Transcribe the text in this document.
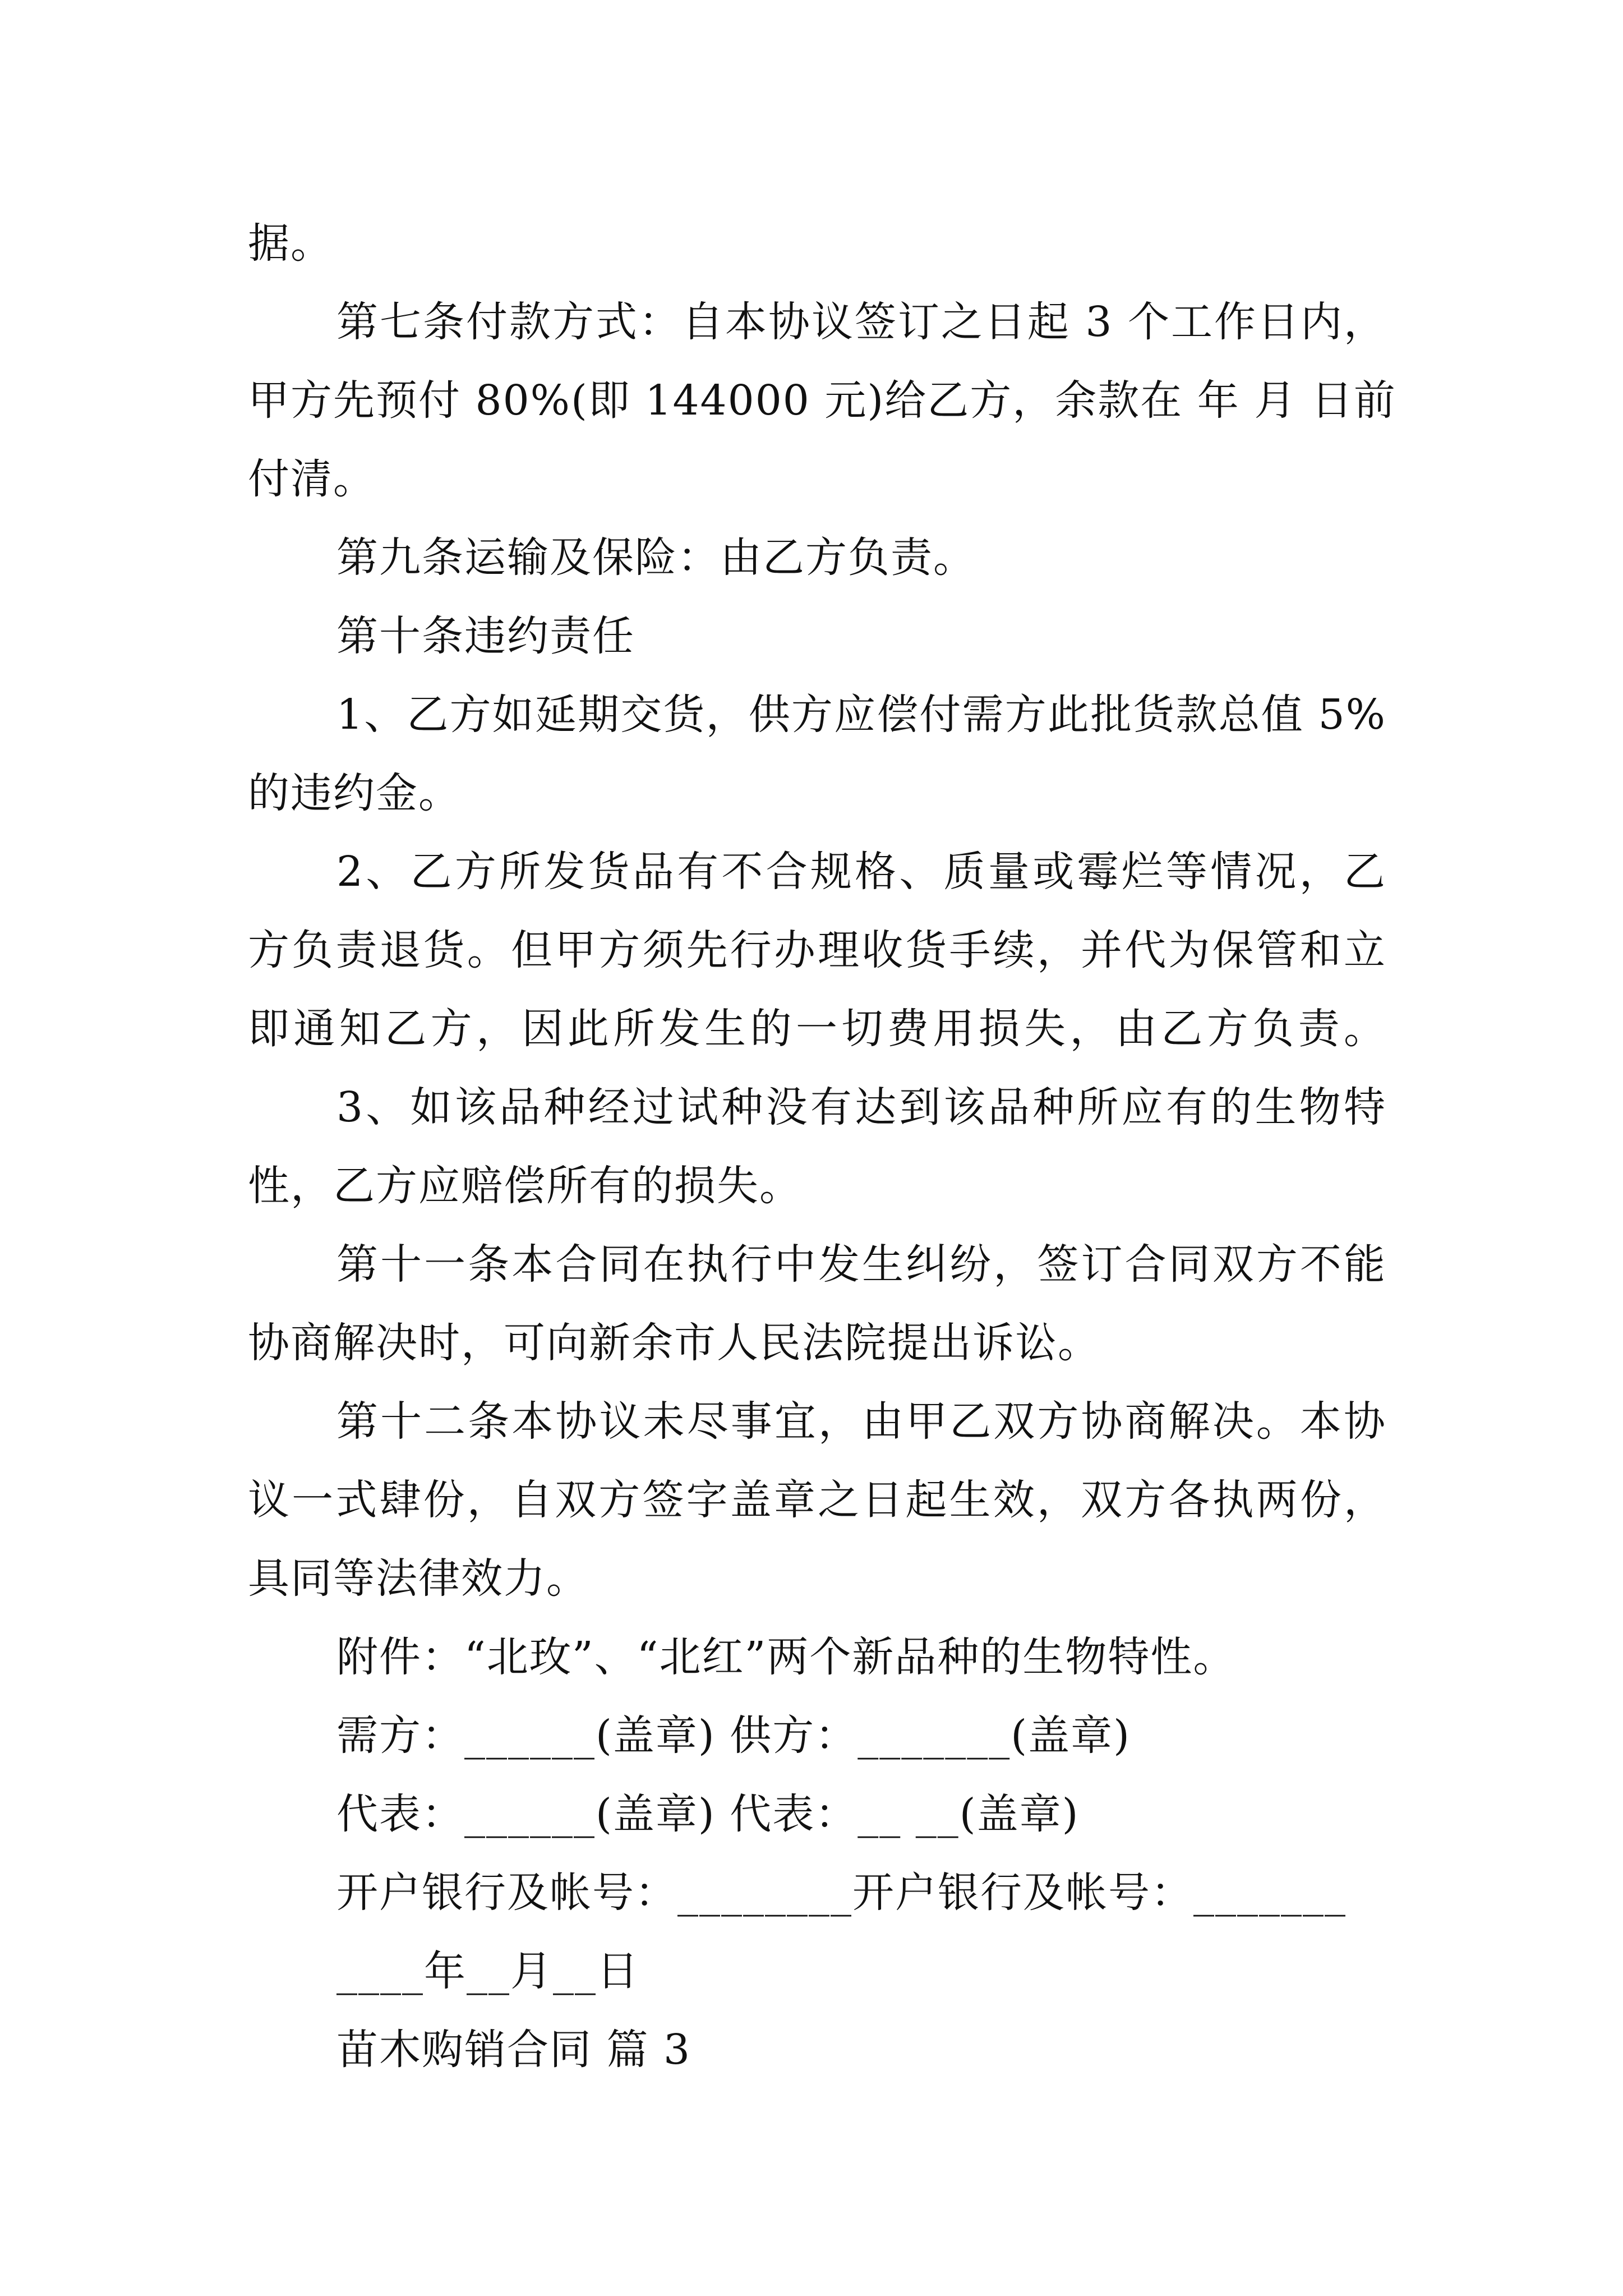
据。
第七条付款方式：自本协议签订之日起 3 个工作日内，
甲方先预付 80%(即 144000 元)给乙方，余款在 年 月 日前
付清。
第九条运输及保险：由乙方负责。
第十条违约责任
1、乙方如延期交货，供方应偿付需方此批货款总值 5%
的违约金。
2、乙方所发货品有不合规格、质量或霉烂等情况，乙
方负责退货。但甲方须先行办理收货手续，并代为保管和立
即通知乙方，因此所发生的一切费用损失，由乙方负责。
3、如该品种经过试种没有达到该品种所应有的生物特
性，乙方应赔偿所有的损失。
第十一条本合同在执行中发生纠纷，签订合同双方不能
协商解决时，可向新余市人民法院提出诉讼。
第十二条本协议未尽事宜，由甲乙双方协商解决。本协
议一式肆份，自双方签字盖章之日起生效，双方各执两份，
具同等法律效力。
附件：“北玫”、“北红”两个新品种的生物特性。
需方：______(盖章) 供方：_______(盖章)
代表：______(盖章) 代表：__ __(盖章)
开户银行及帐号：________开户银行及帐号：_______
____年__月__日
苗木购销合同 篇 3
